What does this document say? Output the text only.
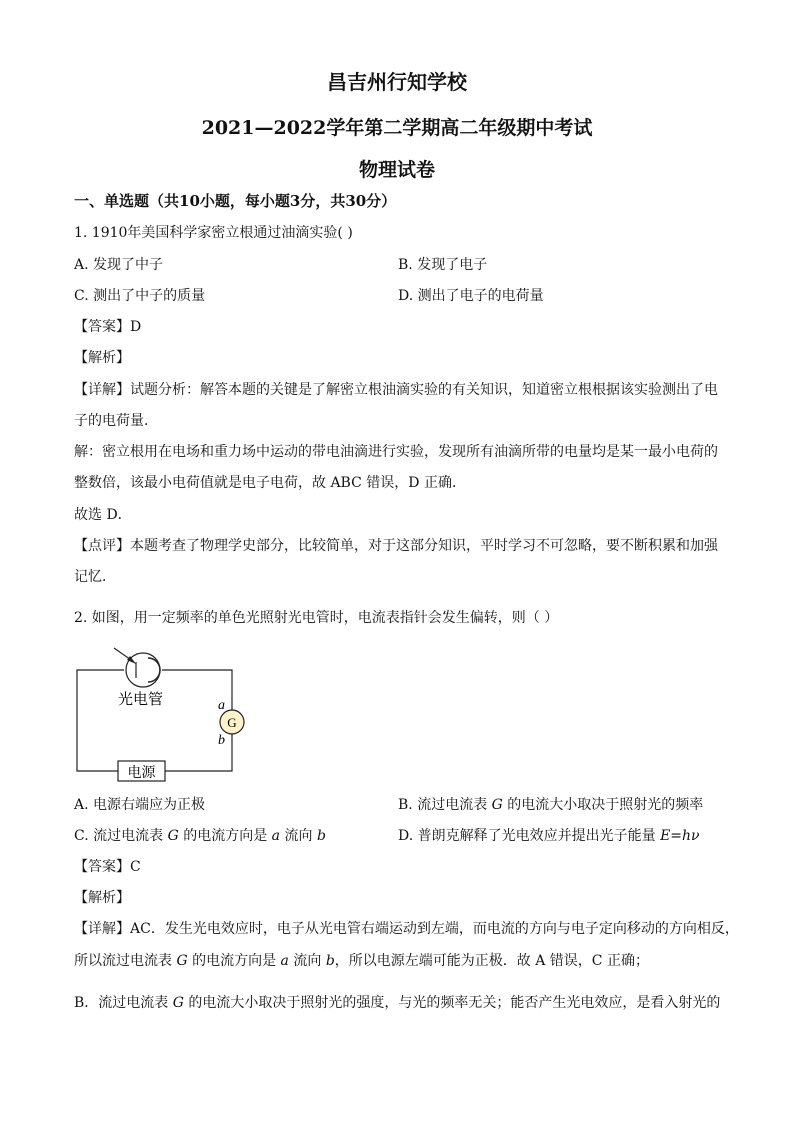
昌吉州行知学校
2021—2022学年第二学期高二年级期中考试
物理试卷
一、单选题（共10小题，每小题3分，共30分）
1. 1910年美国科学家密立根通过油滴实验( )
A. 发现了中子	B. 发现了电子
C. 测出了中子的质量	D. 测出了电子的电荷量
【答案】D
【解析】
【详解】试题分析：解答本题的关键是了解密立根油滴实验的有关知识，知道密立根根据该实验测出了电
子的电荷量．
解：密立根用在电场和重力场中运动的带电油滴进行实验，发现所有油滴所带的电量均是某一最小电荷的
整数倍，该最小电荷值就是电子电荷，故 ABC 错误，D 正确．
故选 D．
【点评】本题考查了物理学史部分，比较简单，对于这部分知识，平时学习不可忽略，要不断积累和加强
记忆．
2. 如图，用一定频率的单色光照射光电管时，电流表指针会发生偏转，则（ ）
G
光电管	a
b
电源
A. 电源右端应为正极	B. 流过电流表 G 的电流大小取决于照射光的频率
C. 流过电流表 G 的电流方向是 a 流向 b	D. 普朗克解释了光电效应并提出光子能量 E=hν
【答案】C
【解析】
【详解】AC．发生光电效应时，电子从光电管右端运动到左端，而电流的方向与电子定向移动的方向相反，
所以流过电流表 G 的电流方向是 a 流向 b，所以电源左端可能为正极．故 A 错误，C 正确；
B．流过电流表 G 的电流大小取决于照射光的强度，与光的频率无关；能否产生光电效应，是看入射光的
